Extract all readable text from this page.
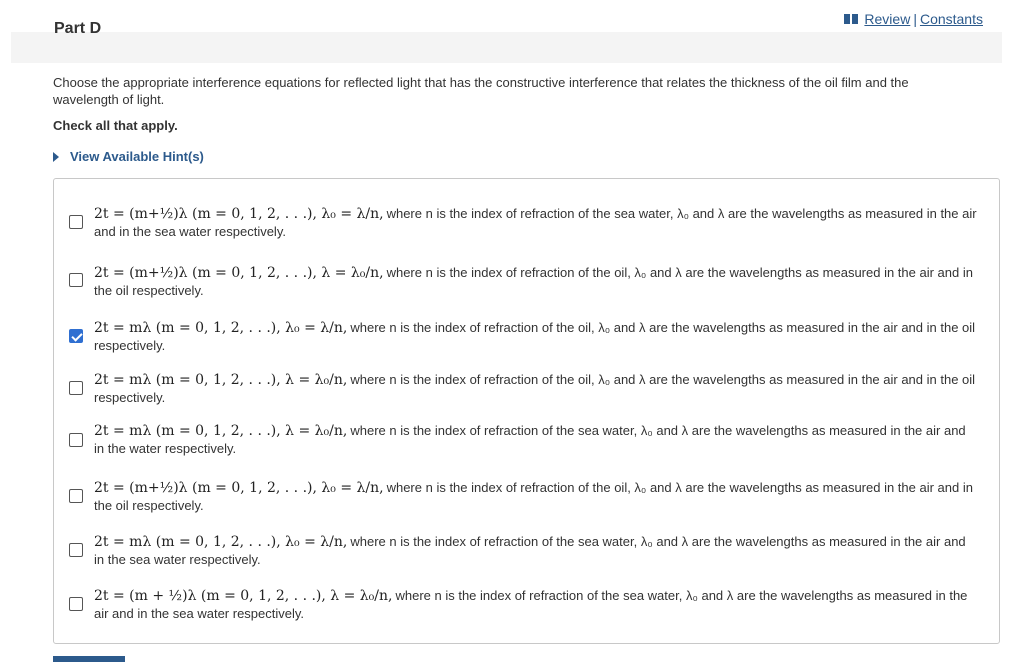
Review | Constants
Part D
Choose the appropriate interference equations for reflected light that has the constructive interference that relates the thickness of the oil film and the wavelength of light.
Check all that apply.
View Available Hint(s)
2t = (m+½)λ (m = 0, 1, 2, . . .), λ₀ = λ/n, where n is the index of refraction of the sea water, λ₀ and λ are the wavelengths as measured in the air and in the sea water respectively.
2t = (m+½)λ (m = 0, 1, 2, . . .), λ = λ₀/n, where n is the index of refraction of the oil, λ₀ and λ are the wavelengths as measured in the air and in the oil respectively.
2t = mλ (m = 0, 1, 2, . . .), λ₀ = λ/n, where n is the index of refraction of the oil, λ₀ and λ are the wavelengths as measured in the air and in the oil respectively.
2t = mλ (m = 0, 1, 2, . . .), λ = λ₀/n, where n is the index of refraction of the oil, λ₀ and λ are the wavelengths as measured in the air and in the oil respectively.
2t = mλ (m = 0, 1, 2, . . .), λ = λ₀/n, where n is the index of refraction of the sea water, λ₀ and λ are the wavelengths as measured in the air and in the water respectively.
2t = (m+½)λ (m = 0, 1, 2, . . .), λ₀ = λ/n, where n is the index of refraction of the oil, λ₀ and λ are the wavelengths as measured in the air and in the oil respectively.
2t = mλ (m = 0, 1, 2, . . .), λ₀ = λ/n, where n is the index of refraction of the sea water, λ₀ and λ are the wavelengths as measured in the air and in the sea water respectively.
2t = (m + ½)λ (m = 0, 1, 2, . . .), λ = λ₀/n, where n is the index of refraction of the sea water, λ₀ and λ are the wavelengths as measured in the air and in the sea water respectively.
